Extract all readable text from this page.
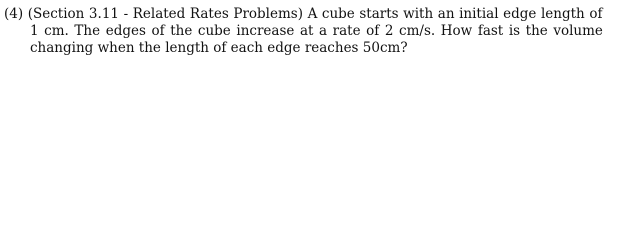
(4) (Section 3.11 - Related Rates Problems) A cube starts with an initial edge length of
1 cm. The edges of the cube increase at a rate of 2 cm/s. How fast is the volume
changing when the length of each edge reaches 50cm?
